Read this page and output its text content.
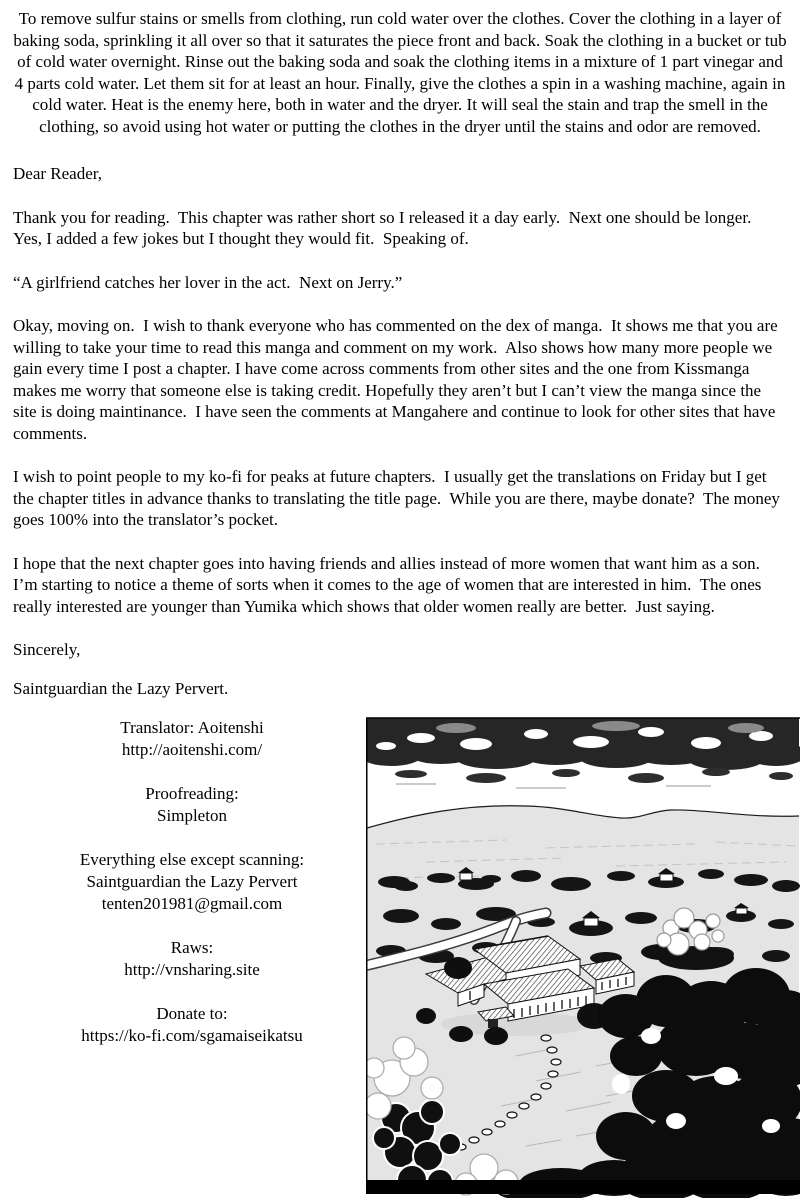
To remove sulfur stains or smells from clothing, run cold water over the clothes. Cover the clothing in a layer of baking soda, sprinkling it all over so that it saturates the piece front and back. Soak the clothing in a bucket or tub of cold water overnight. Rinse out the baking soda and soak the clothing items in a mixture of 1 part vinegar and 4 parts cold water. Let them sit for at least an hour. Finally, give the clothes a spin in a washing machine, again in cold water. Heat is the enemy here, both in water and the dryer. It will seal the stain and trap the smell in the clothing, so avoid using hot water or putting the clothes in the dryer until the stains and odor are removed.

Dear Reader,

Thank you for reading.  This chapter was rather short so I released it a day early.  Next one should be longer.  Yes, I added a few jokes but I thought they would fit.  Speaking of.

“A girlfriend catches her lover in the act.  Next on Jerry.”

Okay, moving on.  I wish to thank everyone who has commented on the dex of manga.  It shows me that you are willing to take your time to read this manga and comment on my work.  Also shows how many more people we gain every time I post a chapter. I have come across comments from other sites and the one from Kissmanga makes me worry that someone else is taking credit. Hopefully they aren’t but I can’t view the manga since the site is doing maintinance.  I have seen the comments at Mangahere and continue to look for other sites that have comments.

I wish to point people to my ko-fi for peaks at future chapters.  I usually get the translations on Friday but I get the chapter titles in advance thanks to translating the title page.  While you are there, maybe donate?  The money goes 100% into the translator’s pocket.

I hope that the next chapter goes into having friends and allies instead of more women that want him as a son.  I’m starting to notice a theme of sorts when it comes to the age of women that are interested in him.  The ones really interested are younger than Yumika which shows that older women really are better.  Just saying.

Sincerely,

Saintguardian the Lazy Pervert.

Translator: Aoitenshi
http://aoitenshi.com/
Proofreading:
Simpleton
Everything else except scanning:
Saintguardian the Lazy Pervert
tenten201981@gmail.com
Raws:
http://vnsharing.site
Donate to:
https://ko-fi.com/sgamaiseikatsu
